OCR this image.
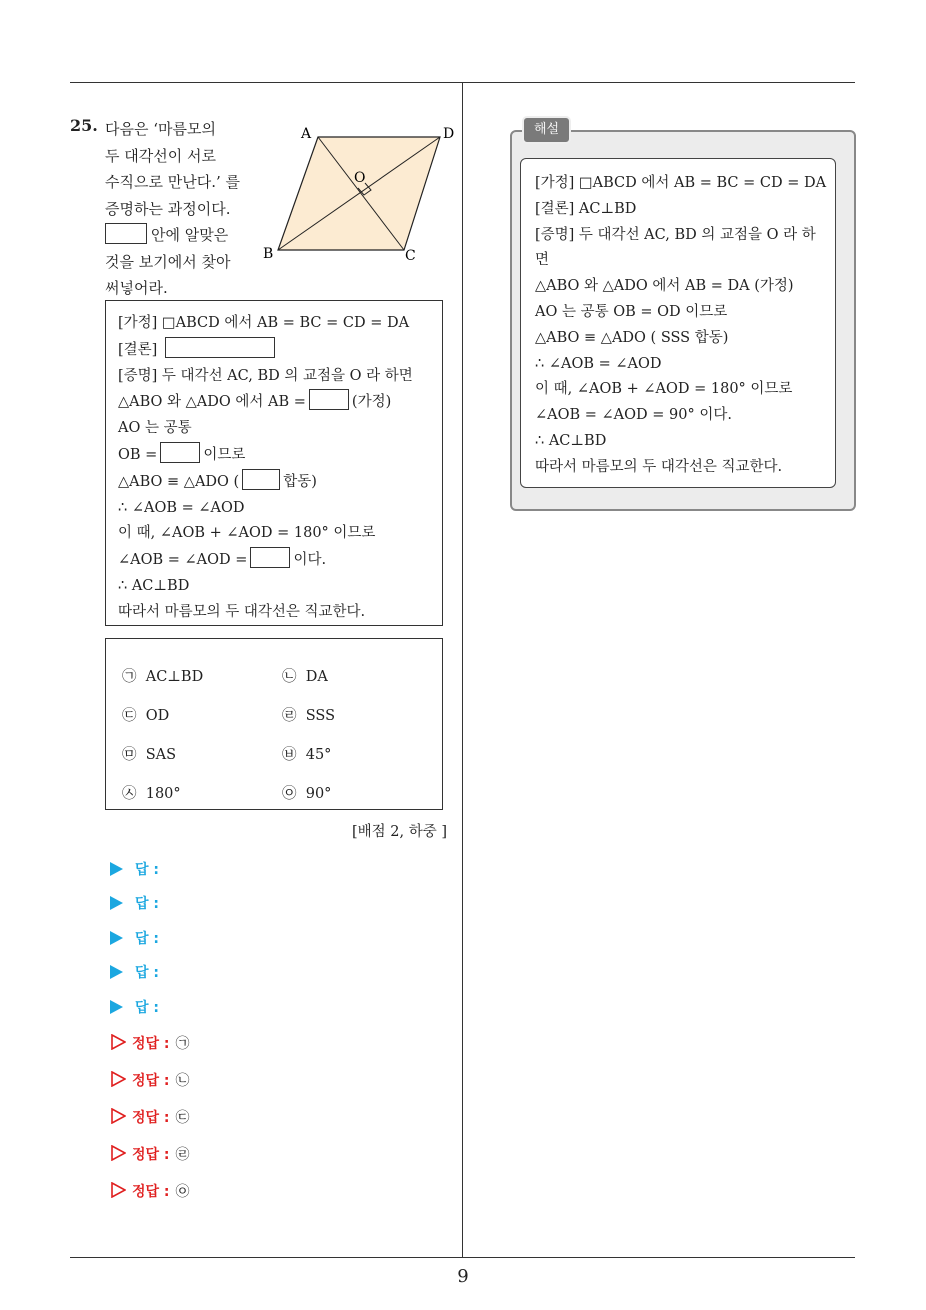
9
25. 다음은 ‘마름모의
두 대각선이 서로
수직으로 만난다.’ 를
증명하는 과정이다.
안에 알맞은
것을 보기에서 찾아
써넣어라.
A	D
B	C
O
[가정] □ABCD 에서 AB = BC = CD = DA
[결론]
[증명] 두 대각선 AC, BD 의 교점을 O 라 하면
△ABO 와 △ADO 에서 AB =	(가정)
AO 는 공통
OB =	이므로
△ABO ≡ △ADO (	합동)
∴ ∠AOB = ∠AOD
이 때, ∠AOB + ∠AOD = 180° 이므로
∠AOB = ∠AOD =	이다.
∴ AC⊥BD
따라서 마름모의 두 대각선은 직교한다.
㉠ AC⊥BD	㉡ DA
㉢ OD	㉣ SSS
㉤ SAS	㉥ 45°
㉦ 180°	㉧ 90°
[배점 2, 하중 ]
답 :
답 :
답 :
답 :
답 :
정답 : ㉠
정답 : ㉡
정답 : ㉢
정답 : ㉣
정답 : ㉧
해설
[가정] □ABCD 에서 AB = BC = CD = DA
[결론] AC⊥BD
[증명] 두 대각선 AC, BD 의 교점을 O 라 하
면
△ABO 와 △ADO 에서 AB = DA (가정)
AO 는 공통 OB = OD 이므로
△ABO ≡ △ADO ( SSS 합동)
∴ ∠AOB = ∠AOD
이 때, ∠AOB + ∠AOD = 180° 이므로
∠AOB = ∠AOD = 90° 이다.
∴ AC⊥BD
따라서 마름모의 두 대각선은 직교한다.
